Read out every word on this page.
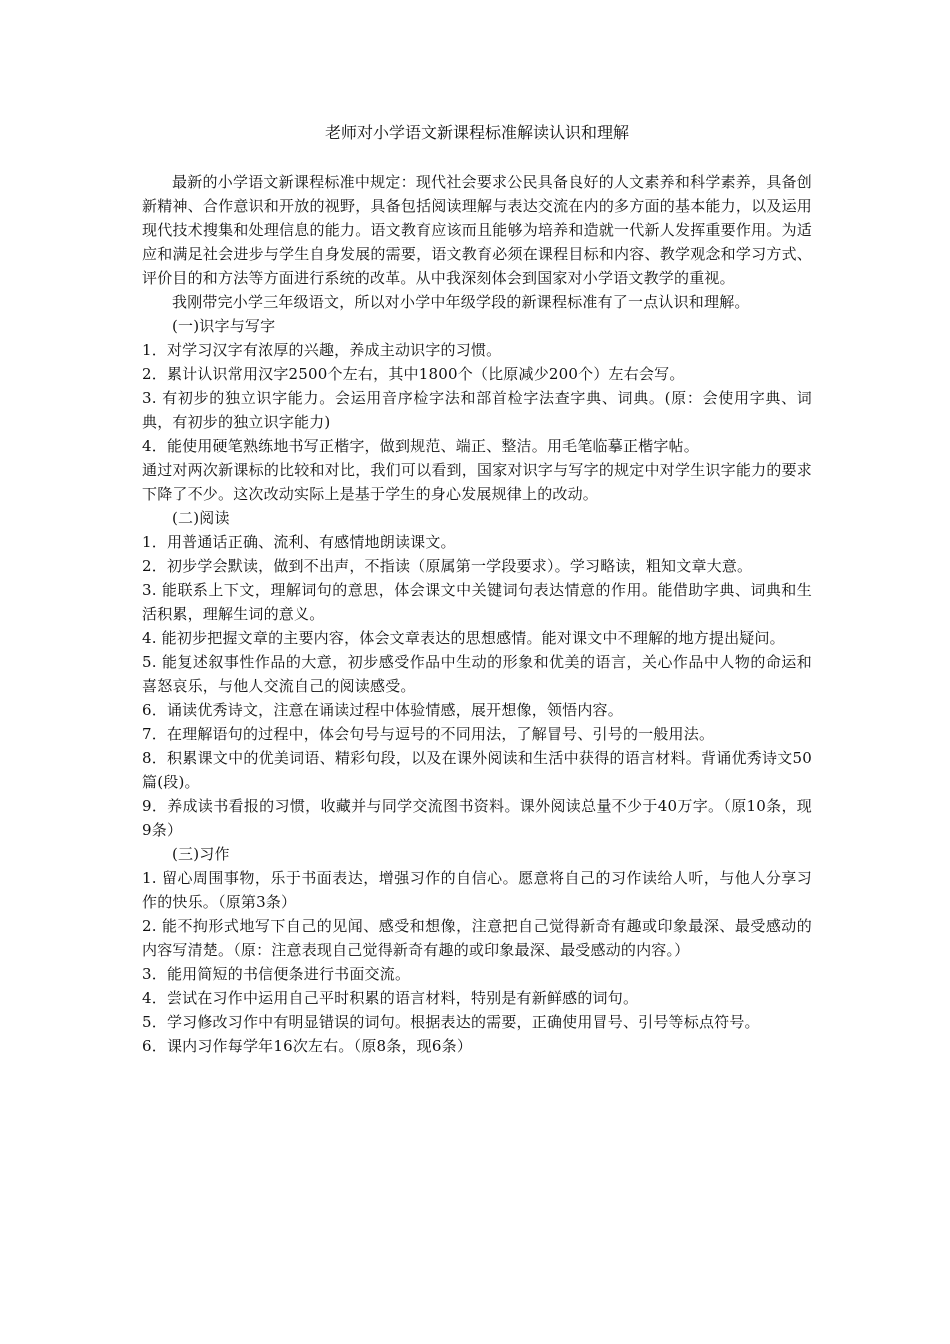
老师对小学语文新课程标准解读认识和理解

最新的小学语文新课程标准中规定：现代社会要求公民具备良好的人文素养和科学素养，具备创新精神、合作意识和开放的视野，具备包括阅读理解与表达交流在内的多方面的基本能力，以及运用现代技术搜集和处理信息的能力。语文教育应该而且能够为培养和造就一代新人发挥重要作用。为适应和满足社会进步与学生自身发展的需要，语文教育必须在课程目标和内容、教学观念和学习方式、评价目的和方法等方面进行系统的改革。从中我深刻体会到国家对小学语文教学的重视。

我刚带完小学三年级语文，所以对小学中年级学段的新课程标准有了一点认识和理解。

(一)识字与写字

1．对学习汉字有浓厚的兴趣，养成主动识字的习惯。

2．累计认识常用汉字2500个左右，其中1800个（比原减少200个）左右会写。

3. 有初步的独立识字能力。会运用音序检字法和部首检字法查字典、词典。(原：会使用字典、词典，有初步的独立识字能力)

4．能使用硬笔熟练地书写正楷字，做到规范、端正、整洁。用毛笔临摹正楷字帖。

通过对两次新课标的比较和对比，我们可以看到，国家对识字与写字的规定中对学生识字能力的要求下降了不少。这次改动实际上是基于学生的身心发展规律上的改动。

(二)阅读

1．用普通话正确、流利、有感情地朗读课文。

2．初步学会默读，做到不出声，不指读（原属第一学段要求）。学习略读，粗知文章大意。

3. 能联系上下文，理解词句的意思，体会课文中关键词句表达情意的作用。能借助字典、词典和生活积累，理解生词的意义。

4. 能初步把握文章的主要内容，体会文章表达的思想感情。能对课文中不理解的地方提出疑问。

5. 能复述叙事性作品的大意，初步感受作品中生动的形象和优美的语言，关心作品中人物的命运和喜怒哀乐，与他人交流自己的阅读感受。

6．诵读优秀诗文，注意在诵读过程中体验情感，展开想像，领悟内容。

7．在理解语句的过程中，体会句号与逗号的不同用法，了解冒号、引号的一般用法。

8．积累课文中的优美词语、精彩句段，以及在课外阅读和生活中获得的语言材料。背诵优秀诗文50篇(段)。

9．养成读书看报的习惯，收藏并与同学交流图书资料。课外阅读总量不少于40万字。（原10条，现9条）

(三)习作

1. 留心周围事物，乐于书面表达，增强习作的自信心。愿意将自己的习作读给人听，与他人分享习作的快乐。（原第3条）

2. 能不拘形式地写下自己的见闻、感受和想像，注意把自己觉得新奇有趣或印象最深、最受感动的内容写清楚。（原：注意表现自己觉得新奇有趣的或印象最深、最受感动的内容。）

3．能用简短的书信便条进行书面交流。

4．尝试在习作中运用自己平时积累的语言材料，特别是有新鲜感的词句。

5．学习修改习作中有明显错误的词句。根据表达的需要，正确使用冒号、引号等标点符号。

6．课内习作每学年16次左右。（原8条，现6条）
